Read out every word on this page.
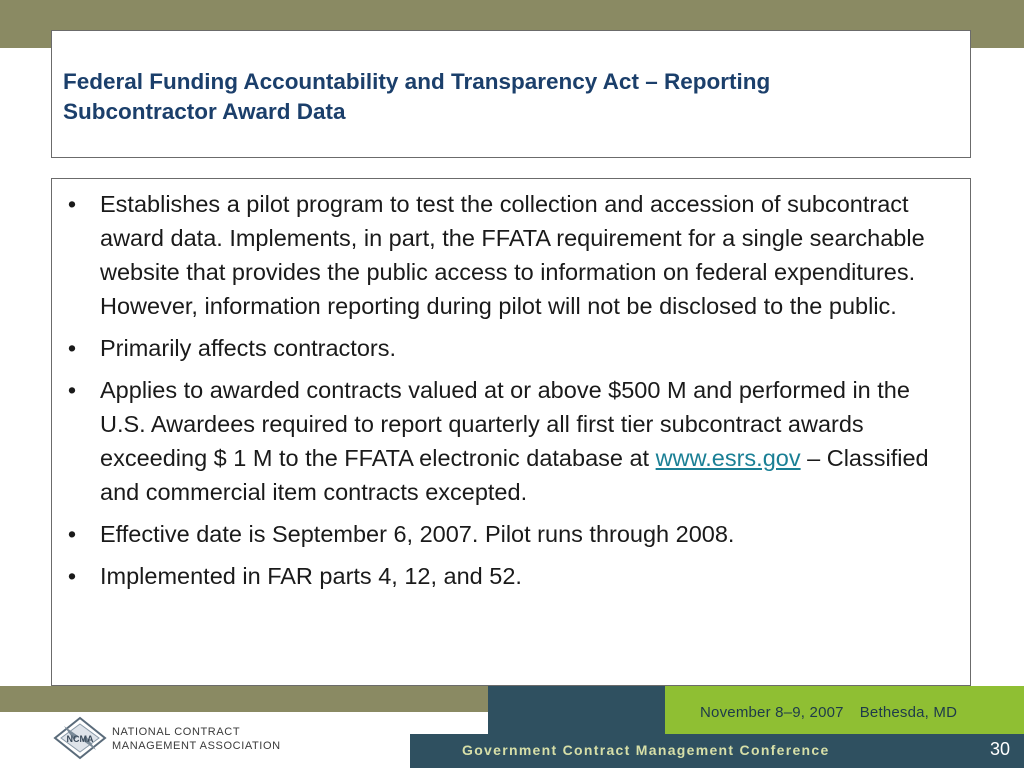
Federal Funding Accountability and Transparency Act – Reporting
Subcontractor Award Data
• Establishes a pilot program to test the collection and accession of subcontract award data. Implements, in part, the FFATA requirement for a single searchable website that provides the public access to information on federal expenditures. However, information reporting during pilot will not be disclosed to the public.
• Primarily affects contractors.
• Applies to awarded contracts valued at or above $500 M and performed in the U.S. Awardees required to report quarterly all first tier subcontract awards exceeding $ 1 M to the FFATA electronic database at www.esrs.gov – Classified and commercial item contracts excepted.
• Effective date is September 6, 2007. Pilot runs through 2008.
• Implemented in FAR parts 4, 12, and 52.
November 8–9, 2007 Bethesda, MD
Government Contract Management Conference	30
NCMA
NATIONAL CONTRACT
MANAGEMENT ASSOCIATION
